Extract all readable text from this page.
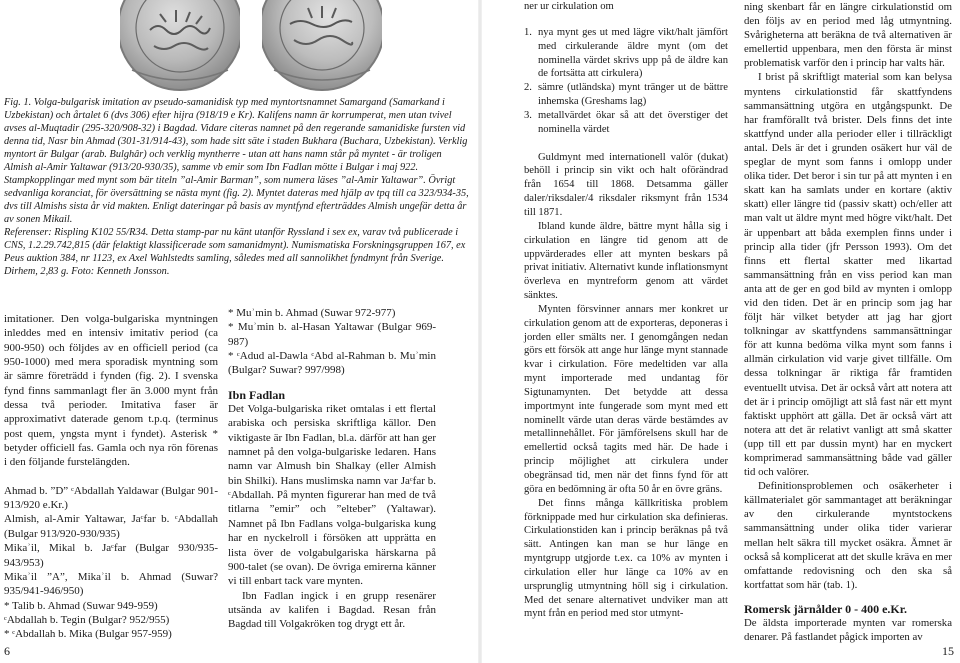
Fig. 1. Volga-bulgarisk imitation av pseudo-samanidisk typ med myntortsnamnet Samargand (Samarkand i Uzbekistan) och årtalet 6 (dvs 306) efter hijra (918/19 e Kr). Kalifens namn är korrumperat, men utan tvivel avses al-Muqtadir (295-320/908-32) i Bagdad. Vidare citeras namnet på den regerande samanidiske fursten vid denna tid, Nasr bin Ahmad (301-31/914-43), som hade sitt säte i staden Bukhara (Buchara, Uzbekistan). Verklig myntort är Bulgar (arab. Bulghâr) och verklig myntherre - utan att hans namn står på myntet - är troligen Almish al-Amir Yaltawar (913/20-930/35), samme vb emir som Ibn Fadlan mötte i Bulgar i maj 922. Stampkopplingar med mynt som bär titeln ”al-Amir Barman”, som numera läses ”al-Amir Yaltawar”. Övrigt sedvanliga koranciat, för översättning se nästa mynt (fig. 2). Myntet dateras med hjälp av tpq till ca 323/934-35, dvs till Almishs sista år vid makten. Enligt dateringar på basis av myntfynd efterträddes Almish ungefär detta år av sonen Mikail.

Referenser: Rispling K102 55/R34. Detta stamp-par nu känt utanför Ryssland i sex ex, varav två publicerade i CNS, 1.2.29.742,815 (där felaktigt klassificerade som samanidmynt). Numismatiska Forskningsgruppen 167, ex Peus auktion 384, nr 1123, ex Axel Wahlstedts samling, således med all sannolikhet fyndmynt från Sverige. Dirhem, 2,83 g. Foto: Kenneth Jonsson.

imitationer. Den volga-bulgariska myntningen inleddes med en intensiv imitativ period (ca 900-950) och följdes av en officiell period (ca 950-1000) med mera sporadisk myntning som är sämre företrädd i fynden (fig. 2). I svenska fynd finns sammanlagt fler än 3.000 mynt från dessa två perioder. Imitativa faser är approximativt daterade genom t.p.q. (terminus post quem, yngsta mynt i fyndet). Asterisk * betyder officiell fas. Gamla och nya rön förenas i den följande furstelängden.

Ahmad b. ”D” ᶜAbdallah Yaldawar (Bulgar 901-913/920 e.Kr.)

Almish, al-Amir Yaltawar, Jaᶜfar b. ᶜAbdallah (Bulgar 913/920-930/935)

Mikaʾil, Mikal b. Jaᶜfar (Bulgar 930/935-943/953)

Mikaʾil ”A”, Mikaʾil b. Ahmad (Suwar? 935/941-946/950)

* Talib b. Ahmad (Suwar 949-959)

ᶜAbdallah b. Tegin (Bulgar? 952/955)

* ᶜAbdallah b. Mika (Bulgar 957-959)

* Muʾmin b. Ahmad (Suwar 972-977)

* Muʾmin b. al-Hasan Yaltawar (Bulgar 969-987)

* ᶜAdud al-Dawla ᶜAbd al-Rahman b. Muʾmin (Bulgar? Suwar? 997/998)

Ibn Fadlan

Det Volga-bulgariska riket omtalas i ett flertal arabiska och persiska skriftliga källor. Den viktigaste är Ibn Fadlan, bl.a. därför att han ger namnet på den volga-bulgariske ledaren. Hans namn var Almush bin Shalkay (eller Almish bin Shilki). Hans muslimska namn var Jaᶜfar b. ᶜAbdallah. På mynten figurerar han med de två titlarna ”emir” och ”elteber” (Yaltawar). Namnet på Ibn Fadlans volga-bulgariska kung har en nyckelroll i försöken att upprätta en lista över de volgabulgariska härskarna på 900-talet (se ovan). De övriga emirerna känner vi till enbart tack vare mynten.

Ibn Fadlan ingick i en grupp resenärer utsända av kalifen i Bagdad. Resan från Bagdad till Volgakröken tog drygt ett år.

6

ner ur cirkulation om

1. nya mynt ges ut med lägre vikt/halt jämfört med cirkulerande äldre mynt (om det nominella värdet skrivs upp på de äldre kan de fortsätta att cirkulera)
2. sämre (utländska) mynt tränger ut de bättre inhemska (Greshams lag)
3. metallvärdet ökar så att det överstiger det nominella värdet

Guldmynt med internationell valör (dukat) behöll i princip sin vikt och halt oförändrad från 1654 till 1868. Detsamma gäller daler/riksdaler/4 riksdaler riksmynt från 1534 till 1871.

Ibland kunde äldre, bättre mynt hålla sig i cirkulation en längre tid genom att de uppvärderades eller att mynten beskars på privat initiativ. Alternativt kunde inflationsmynt överleva en myntreform genom att värdet sänktes.

Mynten försvinner annars mer konkret ur cirkulation genom att de exporteras, deponeras i jorden eller smälts ner. I genomgången nedan görs ett försök att ange hur länge mynt stannade kvar i cirkulation. Före medeltiden var alla mynt importerade med undantag för Sigtunamynten. Det betydde att dessa importmynt inte fungerade som mynt med ett nominellt värde utan deras värde bestämdes av metallinnehållet. För jämförelsens skull har de emellertid också tagits med här. De hade i princip möjlighet att cirkulera under obegränsad tid, men när det finns fynd för att göra en bedömning är ofta 50 år en övre gräns.

Det finns många källkritiska problem förknippade med hur cirkulation ska definieras. Cirkulationstiden kan i princip beräknas på två sätt. Antingen kan man se hur länge en myntgrupp utgjorde t.ex. ca 10% av mynten i cirkulation eller hur länge ca 10% av en ursprunglig utmyntning höll sig i cirkulation. Med det senare alternativet undviker man att mynt från en period med stor utmynt-

ning skenbart får en längre cirkulationstid om den följs av en period med låg utmyntning. Svårigheterna att beräkna de två alternativen är emellertid uppenbara, men den första är minst problematisk varför den i princip har valts här.

I brist på skriftligt material som kan belysa myntens cirkulationstid får skattfyndens sammansättning utgöra en utgångspunkt. De har framförallt två brister. Dels finns det inte skattfynd under alla perioder eller i tillräckligt antal. Dels är det i grunden osäkert hur väl de speglar de mynt som fanns i omlopp under olika tider. Det beror i sin tur på att mynten i en skatt kan ha samlats under en kortare (aktiv skatt) eller längre tid (passiv skatt) och/eller att man valt ut äldre mynt med högre vikt/halt. Det är uppenbart att båda exemplen finns under i princip alla tider (jfr Persson 1993). Om det finns ett flertal skatter med likartad sammansättning från en viss period kan man anta att de ger en god bild av mynten i omlopp vid den tiden. Det är en princip som jag har följt här vilket betyder att jag har gjort tolkningar av skattfyndens sammansättningar för att kunna bedöma vilka mynt som fanns i allmän cirkulation vid varje givet tillfälle. Om dessa tolkningar är riktiga får framtiden eventuellt utvisa. Det är också vårt att notera att det är i princip omöjligt att slå fast när ett mynt faktiskt upphört att gälla. Det är också värt att notera att det är relativt vanligt att små skatter (upp till ett par dussin mynt) har en myckert komprimerad sammansättning både vad gäller tid och valörer.

Definitionsproblemen och osäkerheter i källmaterialet gör sammantaget att beräkningar av den cirkulerande myntstockens sammansättning under olika tider varierar mellan helt säkra till mycket osäkra. Ämnet är också så komplicerat att det skulle kräva en mer omfattande redovisning och den ska så kortfattat som här (tab. 1).

Romersk järnålder 0 - 400 e.Kr.

De äldsta importerade mynten var romerska denarer. På fastlandet pågick importen av

15
